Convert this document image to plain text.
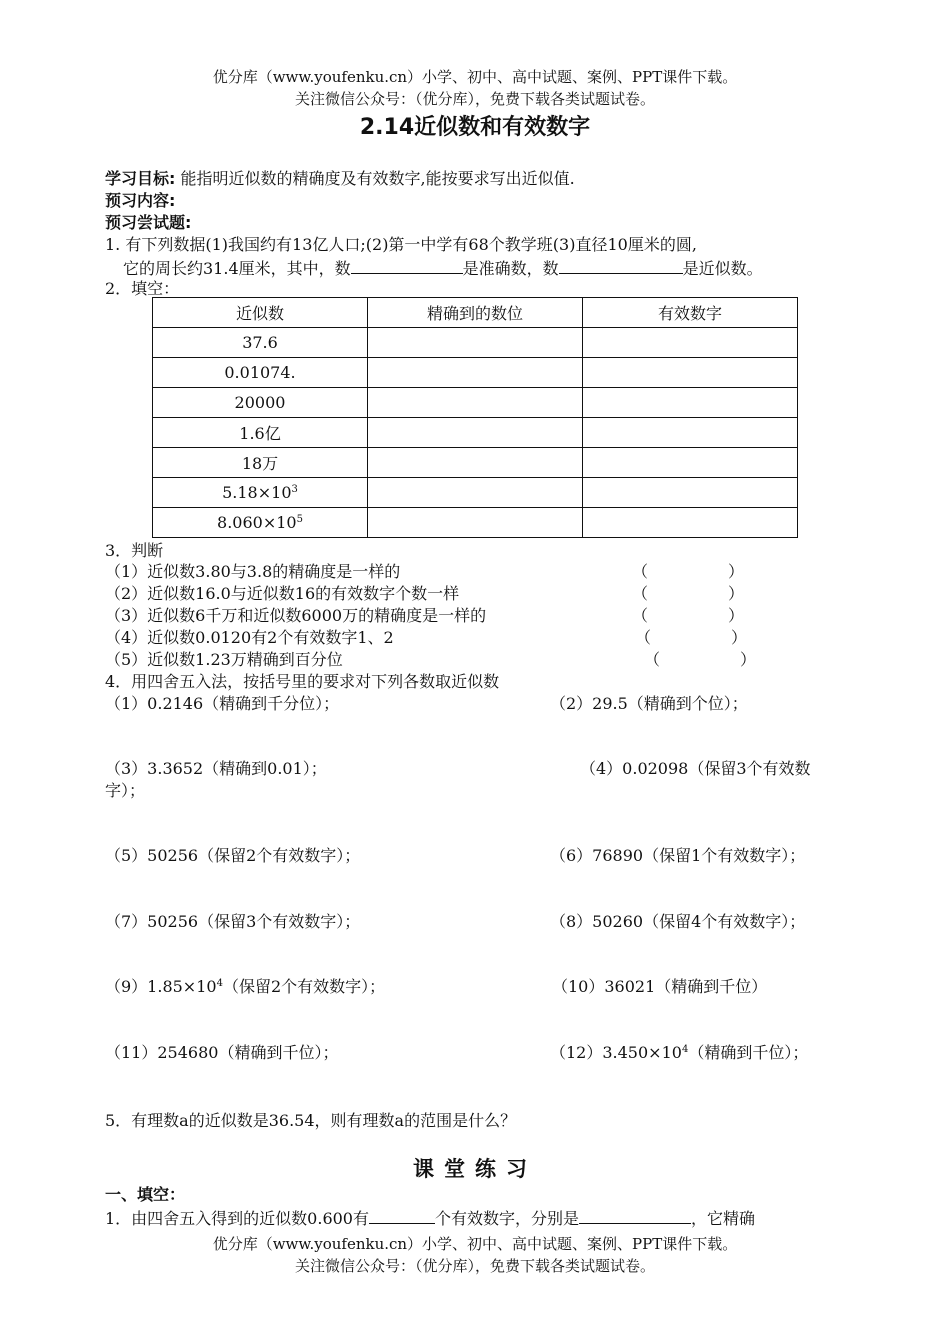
优分库（www.youfenku.cn）小学、初中、高中试题、案例、PPT课件下载。
关注微信公众号：（优分库），免费下载各类试题试卷。
2.14近似数和有效数字
学习目标: 能指明近似数的精确度及有效数字,能按要求写出近似值.
预习内容:
预习尝试题:
1. 有下列数据(1)我国约有13亿人口;(2)第一中学有68个教学班(3)直径10厘米的圆,
它的周长约31.4厘米，其中，数	是准确数，数	是近似数。
2．填空：
近似数	精确到的数位	有效数字
37.6		
0.01074.		
20000		
1.6亿		
18万		
$5.18\times 10^3$		
$8.060\times 10^5$		
3．判断
（1）近似数3.80与3.8的精确度是一样的	（　　　　　）
（2）近似数16.0与近似数16的有效数字个数一样	（　　　　　）
（3）近似数6千万和近似数6000万的精确度是一样的	（　　　　　）
（4）近似数0.0120有2个有效数字1、2	（　　　　　）
（5）近似数1.23万精确到百分位	（　　　　　）
4．用四舍五入法，按括号里的要求对下列各数取近似数
（1）0.2146（精确到千分位）；	（2）29.5（精确到个位）；
（3）3.3652（精确到0.01）；	（4）0.02098（保留3个有效数
字）；
（5）50256（保留2个有效数字）；	（6）76890（保留1个有效数字）；
（7）50256（保留3个有效数字）；	（8）50260（保留4个有效数字）；
$(9)1.85\times 10^4$（保留2个有效数字）；	（10）36021（精确到千位）
（11）254680（精确到千位）；	$(12)3.450\times 10^4$（精确到千位）；
5．有理数a的近似数是36.54，则有理数a的范围是什么？
课堂练习
一、填空：
1．由四舍五入得到的近似数0.600有	个有效数字，分别是	，它精确
优分库（www.youfenku.cn）小学、初中、高中试题、案例、PPT课件下载。
关注微信公众号：（优分库），免费下载各类试题试卷。
